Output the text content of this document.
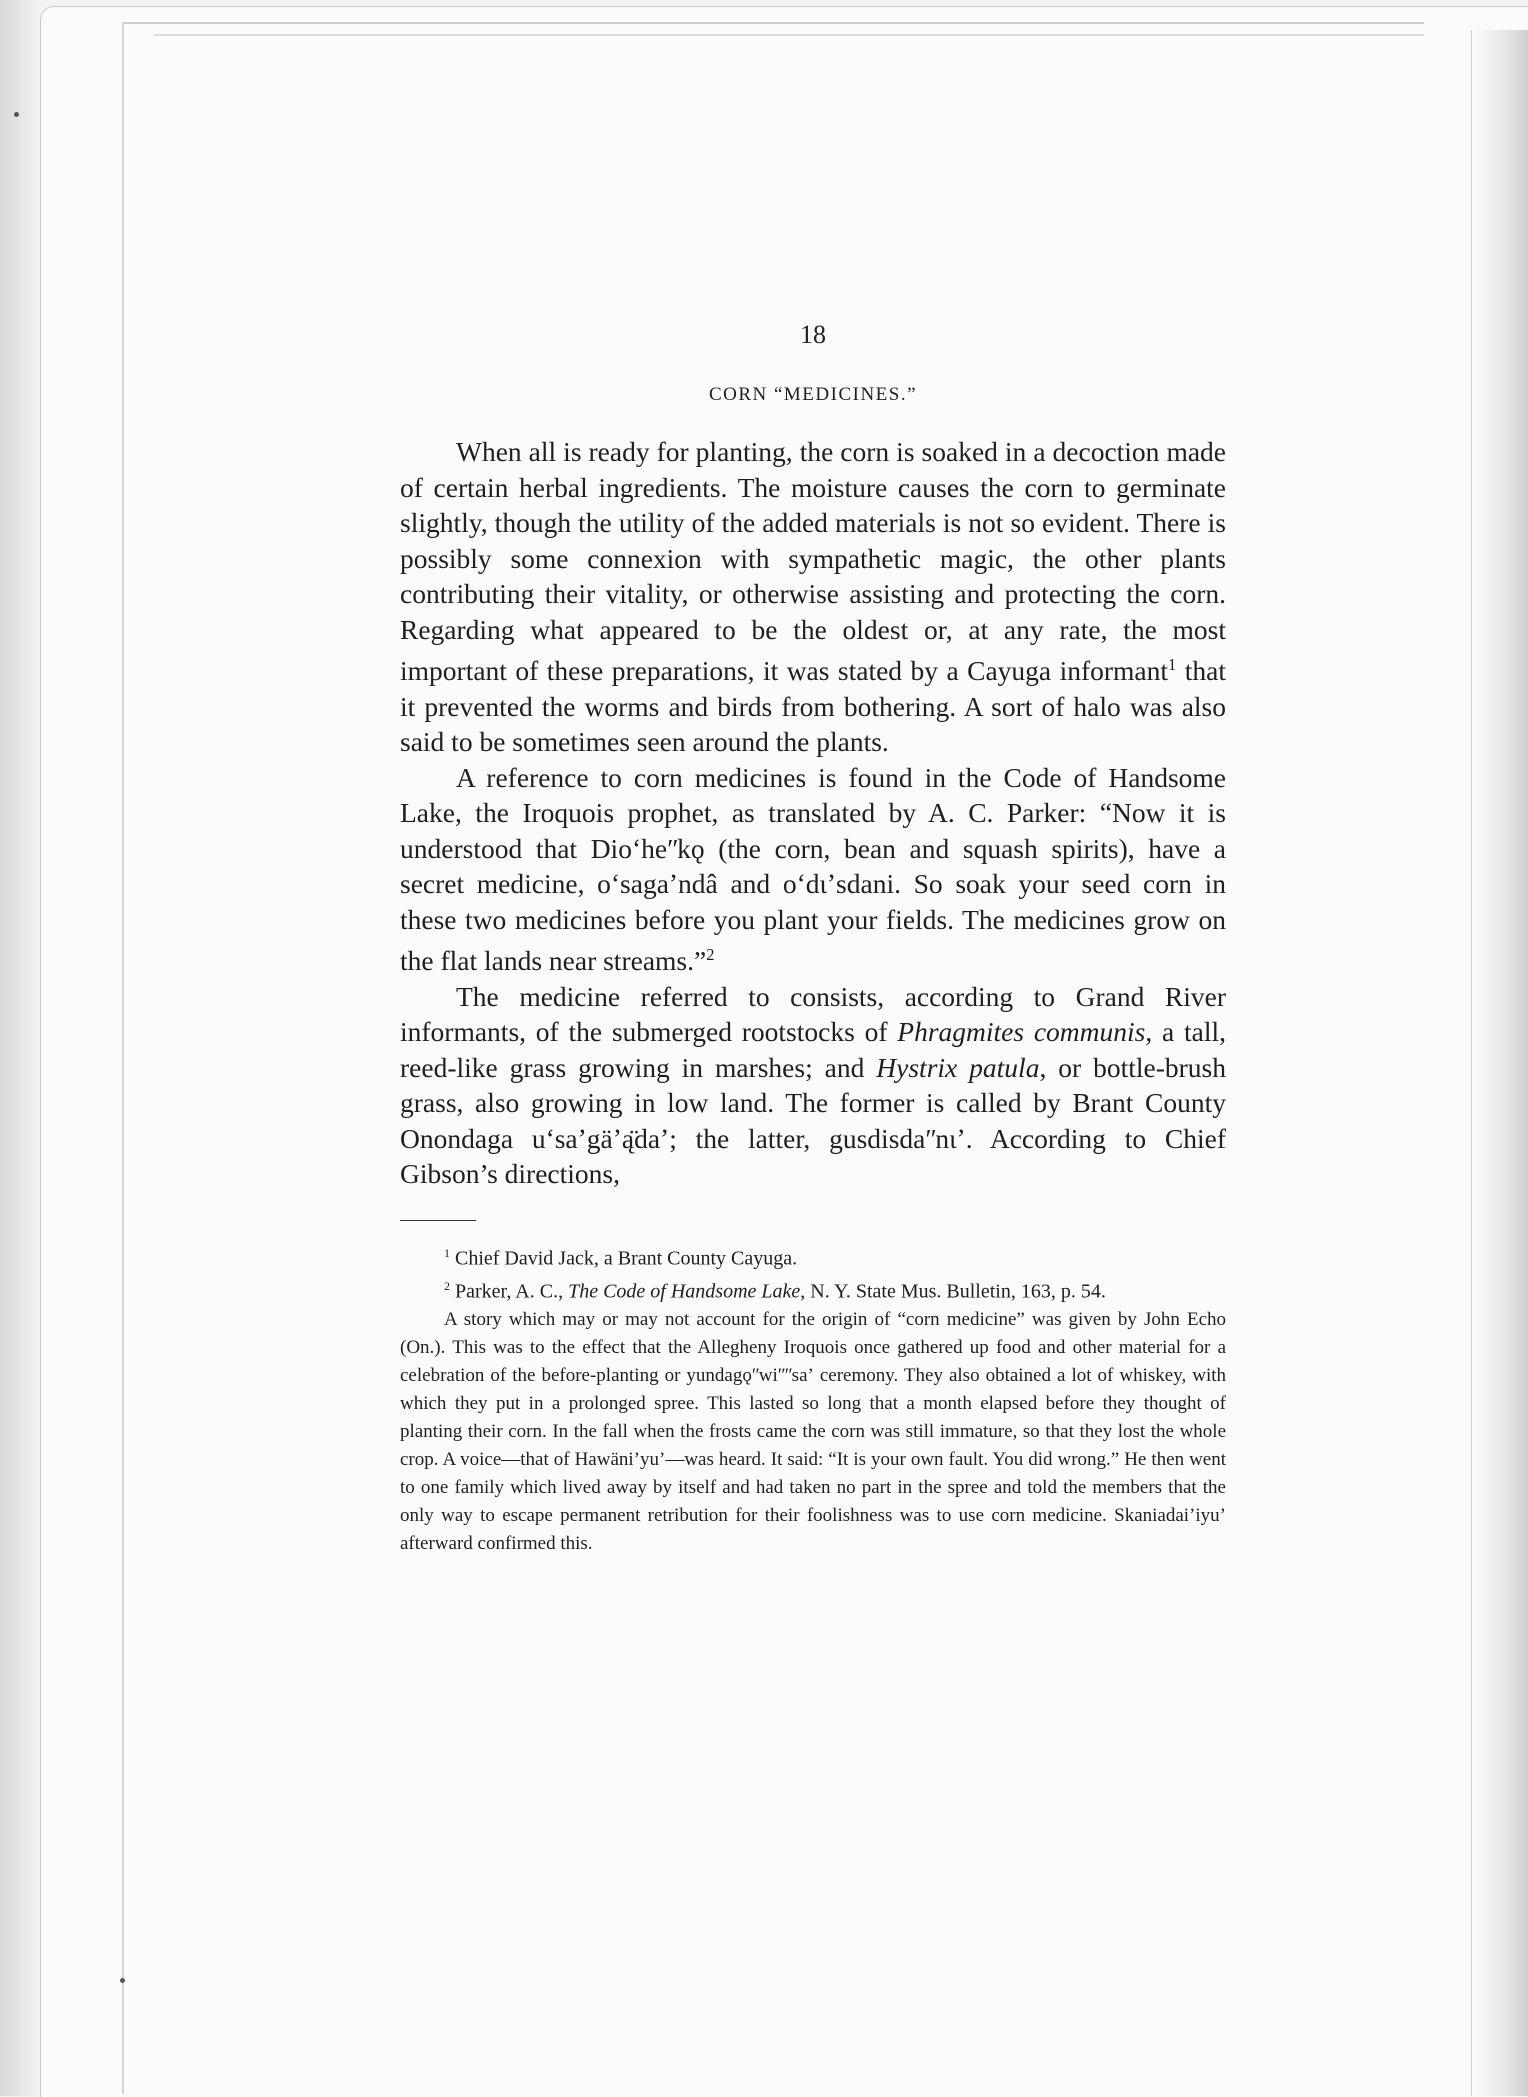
18
CORN “MEDICINES.”

When all is ready for planting, the corn is soaked in a decoction made of certain herbal ingredients. The moisture causes the corn to germinate slightly, though the utility of the added materials is not so evident. There is possibly some connexion with sympathetic magic, the other plants contributing their vitality, or otherwise assisting and protecting the corn. Regarding what appeared to be the oldest or, at any rate, the most important of these preparations, it was stated by a Cayuga informant$^1$ that it prevented the worms and birds from bothering. A sort of halo was also said to be sometimes seen around the plants.

A reference to corn medicines is found in the Code of Handsome Lake, the Iroquois prophet, as translated by A. C. Parker: “Now it is understood that Dioʻheʺkǫ (the corn, bean and squash spirits), have a secret medicine, oʻsagaʼndâ and oʻdɩʼsdani. So soak your seed corn in these two medicines before you plant your fields. The medicines grow on the flat lands near streams.”$^2$

The medicine referred to consists, according to Grand River informants, of the submerged rootstocks of Phragmites communis, a tall, reed-like grass growing in marshes; and Hystrix patula, or bottle-brush grass, also growing in low land. The former is called by Brant County Onondaga uʻsaʼgäʼą̈daʼ; the latter, gusdisdaʺnɩʼ. According to Chief Gibson’s directions,

$^1$ Chief David Jack, a Brant County Cayuga.

$^2$ Parker, A. C., The Code of Handsome Lake, N. Y. State Mus. Bulletin, 163, p. 54.

A story which may or may not account for the origin of “corn medicine” was given by John Echo (On.). This was to the effect that the Allegheny Iroquois once gathered up food and other material for a celebration of the before-planting or yundagǫʺwiʺʺsaʼ ceremony. They also obtained a lot of whiskey, with which they put in a prolonged spree. This lasted so long that a month elapsed before they thought of planting their corn. In the fall when the frosts came the corn was still immature, so that they lost the whole crop. A voice—that of Hawäniʼyuʼ—was heard. It said: “It is your own fault. You did wrong.” He then went to one family which lived away by itself and had taken no part in the spree and told the members that the only way to escape permanent retribution for their foolishness was to use corn medicine. Skaniadaiʼiyuʼ afterward confirmed this.
